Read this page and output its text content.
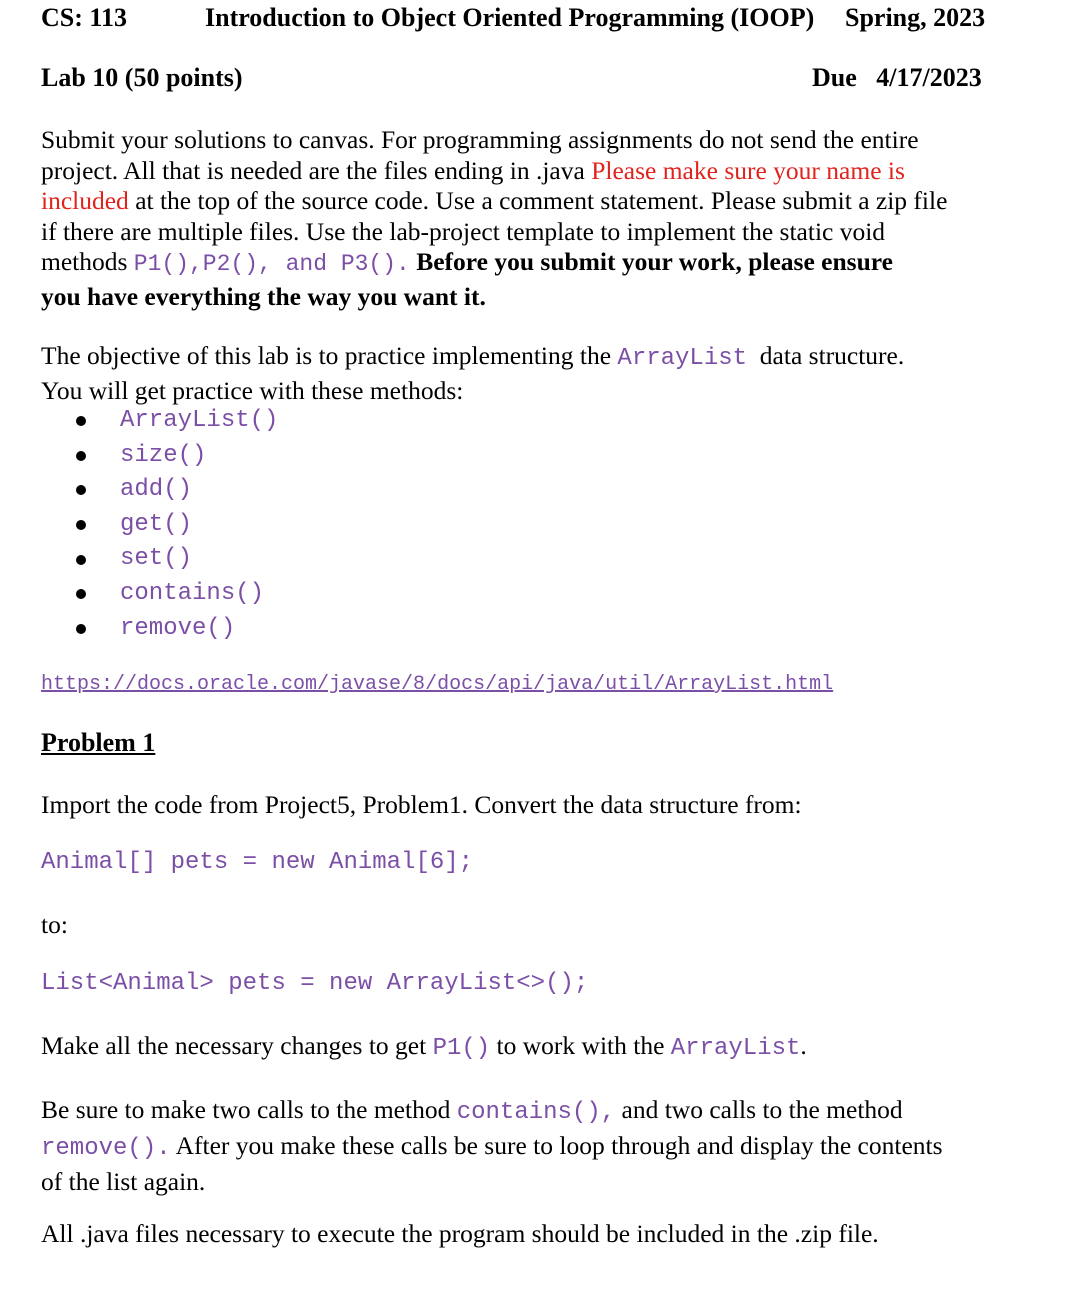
CS: 113	Introduction to Object Oriented Programming (IOOP) Spring, 2023
Lab 10 (50 points)	Due   4/17/2023

Submit your solutions to canvas. For programming assignments do not send the entire

project. All that is needed are the files ending in .java Please make sure your name is

included at the top of the source code. Use a comment statement. Please submit a zip file

if there are multiple files. Use the lab-project template to implement the static void

methods P1(),P2(), and P3(). Before you submit your work, please ensure

you have everything the way you want it.

The objective of this lab is to practice implementing the ArrayList  data structure.

You will get practice with these methods:

ArrayList()
size()
add()
get()
set()
contains()
remove()
https://docs.oracle.com/javase/8/docs/api/java/util/ArrayList.html
Problem 1
Import the code from Project5, Problem1. Convert the data structure from:
Animal[] pets = new Animal[6];
to:
List<Animal> pets = new ArrayList<>();
Make all the necessary changes to get P1() to work with the ArrayList.

Be sure to make two calls to the method contains(), and two calls to the method

remove(). After you make these calls be sure to loop through and display the contents

of the list again.

All .java files necessary to execute the program should be included in the .zip file.
